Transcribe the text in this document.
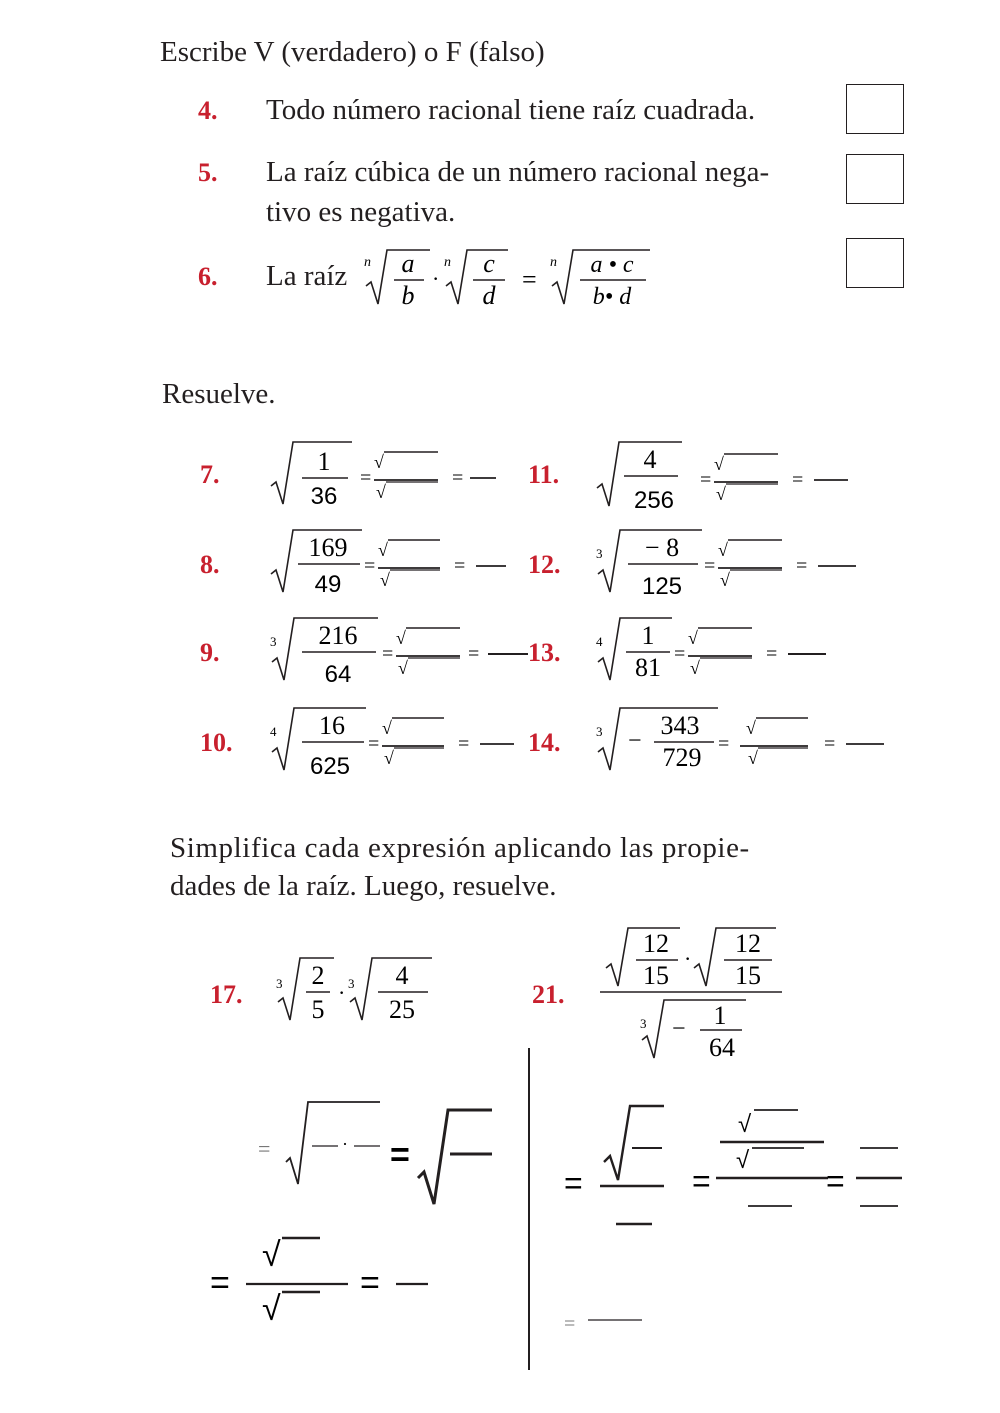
Escribe V (verdadero) o F (falso)
4. Todo número racional tiene raíz cuadrada.
5. La raíz cúbica de un número racional nega-
tivo es negativa.
6. La raíz n a
b
·
n c
d
=
n a • c
b• d
Resuelve.
7.	1
36
=
√
√
=
8.
169
49
=
√
√
=
9.	3 216
64
=
√
√
=
10.	4 16
625
=
√
√
=
11.
4
256
=
√
√
=
12.	3 − 8
125
=
√
√
=
13.	4 1
81 =
√
√
=
14.	3 −
343
729 =
√
√
=
Simplifica cada expresión aplicando las propie-
dades de la raíz. Luego, resuelve.
17.	3 2
5
· 3 4
25
21.
12
15
·
12
15
3 − 1
64
=	· =
=
√
√
=
=	=
√
√
=
=
